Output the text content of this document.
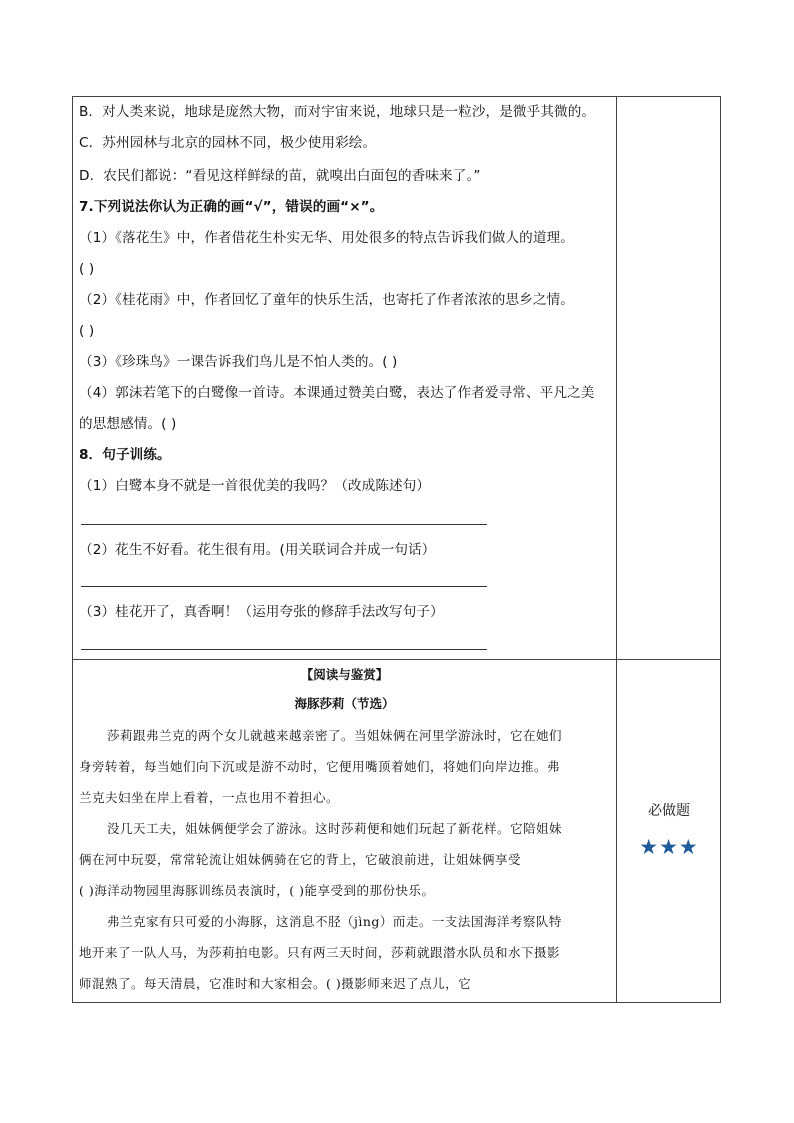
B．对人类来说，地球是庞然大物，而对宇宙来说，地球只是一粒沙，是微乎其微的。
C．苏州园林与北京的园林不同，极少使用彩绘。
D．农民们都说：“看见这样鲜绿的苗，就嗅出白面包的香味来了。”
7.下列说法你认为正确的画“√”，错误的画“×”。
（1）《落花生》中，作者借花生朴实无华、用处很多的特点告诉我们做人的道理。
( )
（2）《桂花雨》中，作者回忆了童年的快乐生活，也寄托了作者浓浓的思乡之情。
( )
（3）《珍珠鸟》一课告诉我们鸟儿是不怕人类的。( )
（4）郭沫若笔下的白鹭像一首诗。本课通过赞美白鹭，表达了作者爱寻常、平凡之美
的思想感情。( )
8．句子训练。
（1）白鹭本身不就是一首很优美的我吗？（改成陈述句）
（2）花生不好看。花生很有用。(用关联词合并成一句话）
（3）桂花开了，真香啊！（运用夸张的修辞手法改写句子）
【阅读与鉴赏】
海豚莎莉（节选）
莎莉跟弗兰克的两个女儿就越来越亲密了。当姐妹俩在河里学游泳时，它在她们
身旁转着，每当她们向下沉或是游不动时，它便用嘴顶着她们，将她们向岸边推。弗
兰克夫妇坐在岸上看着，一点也用不着担心。
没几天工夫，姐妹俩便学会了游泳。这时莎莉便和她们玩起了新花样。它陪姐妹
俩在河中玩耍，常常轮流让姐妹俩骑在它的背上，它破浪前进，让姐妹俩享受
( )海洋动物园里海豚训练员表演时，( )能享受到的那份快乐。
弗兰克家有只可爱的小海豚，这消息不胫（jìng）而走。一支法国海洋考察队特
地开来了一队人马，为莎莉拍电影。只有两三天时间，莎莉就跟潜水队员和水下摄影
师混熟了。每天清晨，它准时和大家相会。( )摄影师来迟了点儿，它
必做题
★★★
